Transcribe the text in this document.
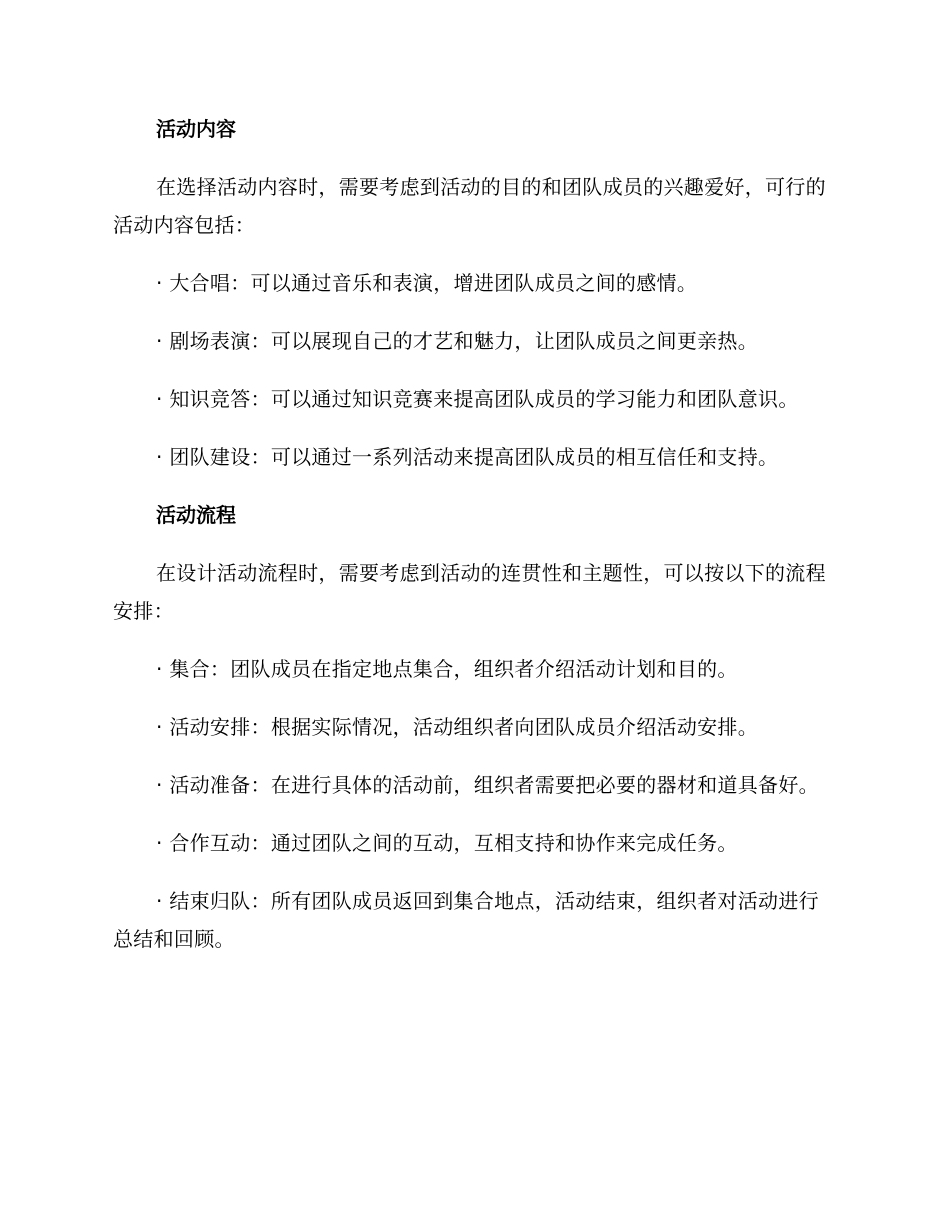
活动内容

在选择活动内容时，需要考虑到活动的目的和团队成员的兴趣爱好，可行的活动内容包括：

· 大合唱：可以通过音乐和表演，增进团队成员之间的感情。

· 剧场表演：可以展现自己的才艺和魅力，让团队成员之间更亲热。

· 知识竞答：可以通过知识竞赛来提高团队成员的学习能力和团队意识。

· 团队建设：可以通过一系列活动来提高团队成员的相互信任和支持。

活动流程

在设计活动流程时，需要考虑到活动的连贯性和主题性，可以按以下的流程安排：

· 集合：团队成员在指定地点集合，组织者介绍活动计划和目的。

· 活动安排：根据实际情况，活动组织者向团队成员介绍活动安排。

· 活动准备：在进行具体的活动前，组织者需要把必要的器材和道具备好。

· 合作互动：通过团队之间的互动，互相支持和协作来完成任务。

· 结束归队：所有团队成员返回到集合地点，活动结束，组织者对活动进行总结和回顾。
